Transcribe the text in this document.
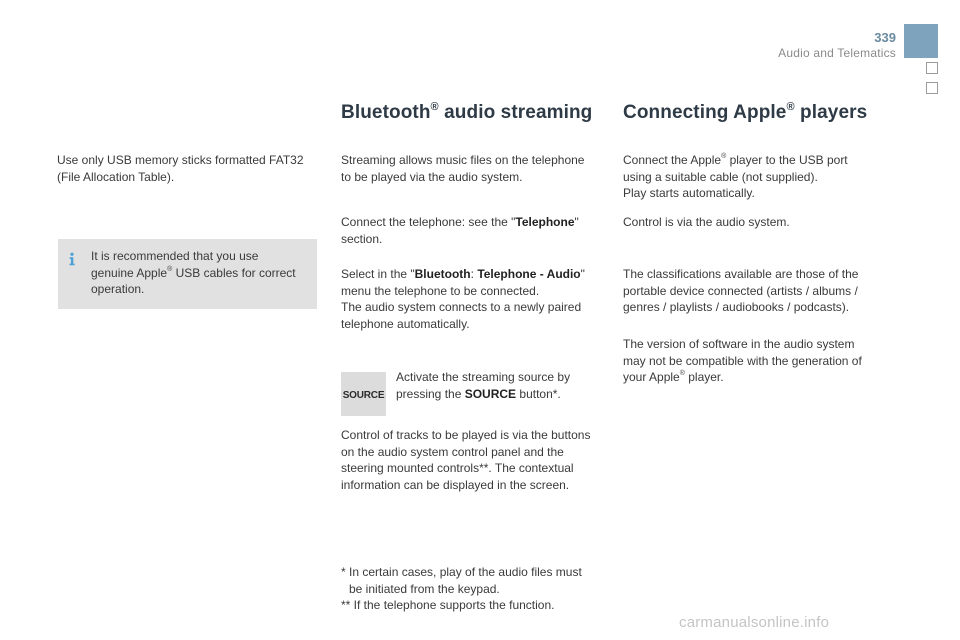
339
Audio and Telematics
Use only USB memory sticks formatted FAT32
(File Allocation Table).
It is recommended that you use
genuine Apple® USB cables for correct
operation.
Bluetooth® audio streaming
Streaming allows music files on the telephone
to be played via the audio system.
Connect the telephone: see the "Telephone"
section.
Select in the "Bluetooth: Telephone - Audio"
menu the telephone to be connected.
The audio system connects to a newly paired
telephone automatically.
SOURCE
Activate the streaming source by
pressing the SOURCE button*.
Control of tracks to be played is via the buttons
on the audio system control panel and the
steering mounted controls**. The contextual
information can be displayed in the screen.
* In certain cases, play of the audio files must
be initiated from the keypad.
** If the telephone supports the function.
Connecting Apple® players
Connect the Apple® player to the USB port
using a suitable cable (not supplied).
Play starts automatically.
Control is via the audio system.
The classifications available are those of the
portable device connected (artists / albums /
genres / playlists / audiobooks / podcasts).
The version of software in the audio system
may not be compatible with the generation of
your Apple® player.
carmanualsonline.info
